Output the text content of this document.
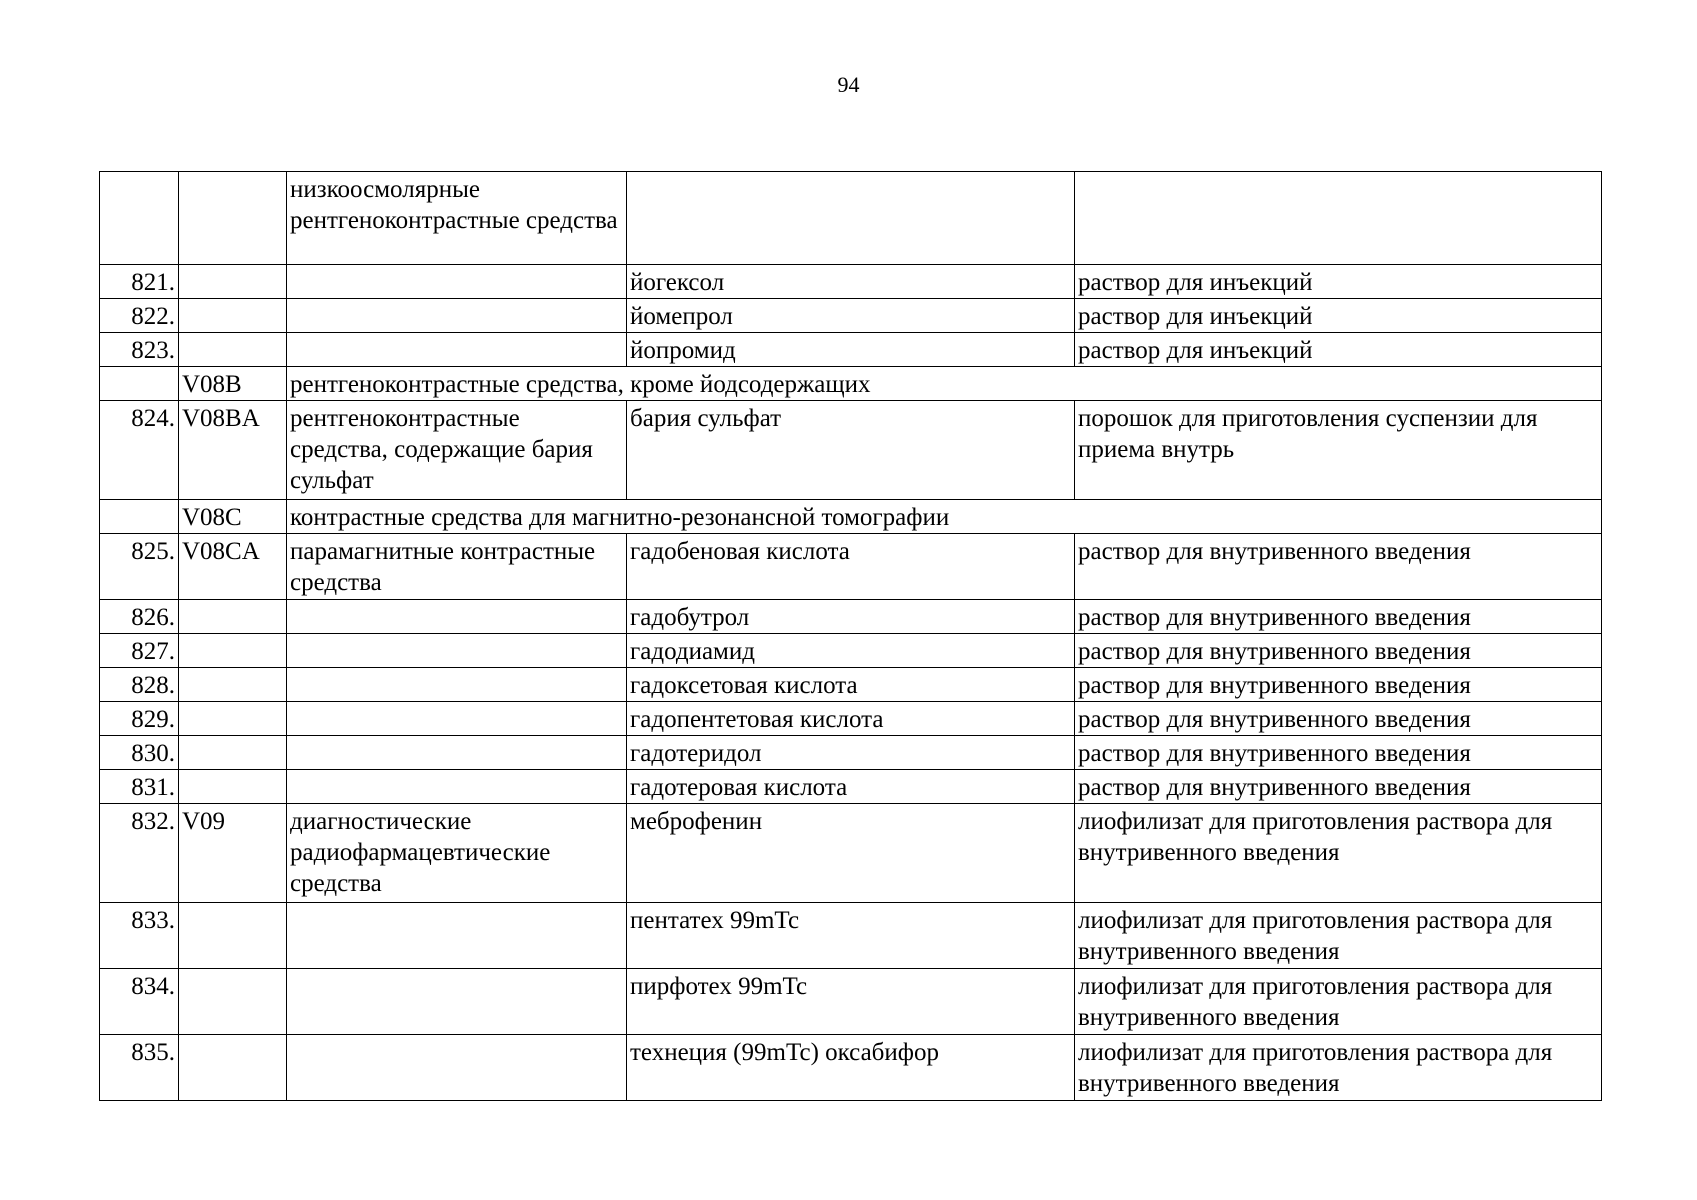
94
		низкоосмолярные рентгеноконтрастные средства		
821.			йогексол	раствор для инъекций
822.			йомепрол	раствор для инъекций
823.			йопромид	раствор для инъекций
	V08B	рентгеноконтрастные средства, кроме йодсодержащих		
824.	V08BA	рентгеноконтрастные средства, содержащие бария сульфат	бария сульфат	порошок для приготовления суспензии для приема внутрь
	V08C	контрастные средства для магнитно-резонансной томографии		
825.	V08CA	парамагнитные контрастные средства	гадобеновая кислота	раствор для внутривенного введения
826.			гадобутрол	раствор для внутривенного введения
827.			гадодиамид	раствор для внутривенного введения
828.			гадоксетовая кислота	раствор для внутривенного введения
829.			гадопентетовая кислота	раствор для внутривенного введения
830.			гадотеридол	раствор для внутривенного введения
831.			гадотеровая кислота	раствор для внутривенного введения
832.	V09	диагностические радиофармацевтические средства	меброфенин	лиофилизат для приготовления раствора для внутривенного введения
833.			пентатех 99mTc	лиофилизат для приготовления раствора для внутривенного введения
834.			пирфотех 99mTc	лиофилизат для приготовления раствора для внутривенного введения
835.			технеция (99mTc) оксабифор	лиофилизат для приготовления раствора для внутривенного введения
